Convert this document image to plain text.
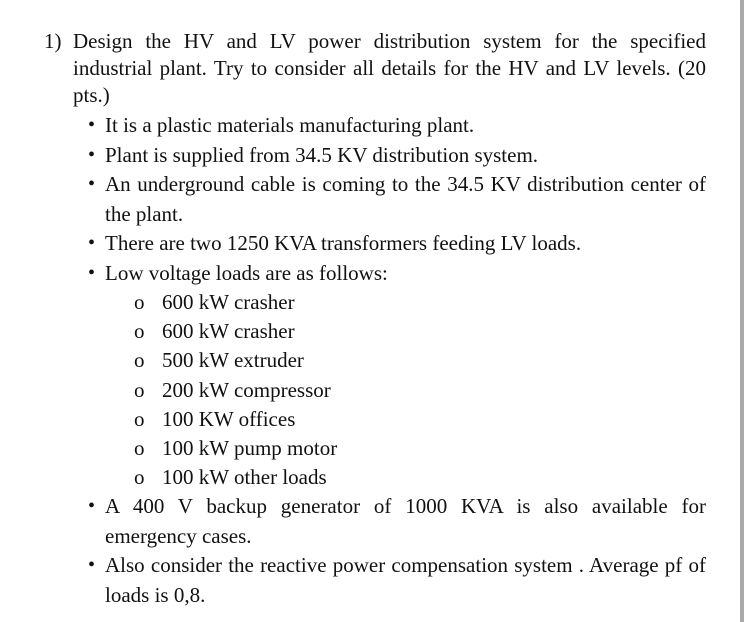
1) Design the HV and LV power distribution system for the specified industrial plant. Try to consider all details for the HV and LV levels. (20 pts.)
• It is a plastic materials manufacturing plant.
• Plant is supplied from 34.5 KV distribution system.
• An underground cable is coming to the 34.5 KV distribution center of the plant.
• There are two 1250 KVA transformers feeding LV loads.
• Low voltage loads are as follows:
o 600 kW crasher
o 600 kW crasher
o 500 kW extruder
o 200 kW compressor
o 100 KW offices
o 100 kW pump motor
o 100 kW other loads
• A 400 V backup generator of 1000 KVA is also available for emergency cases.
• Also consider the reactive power compensation system . Average pf of loads is 0,8.
